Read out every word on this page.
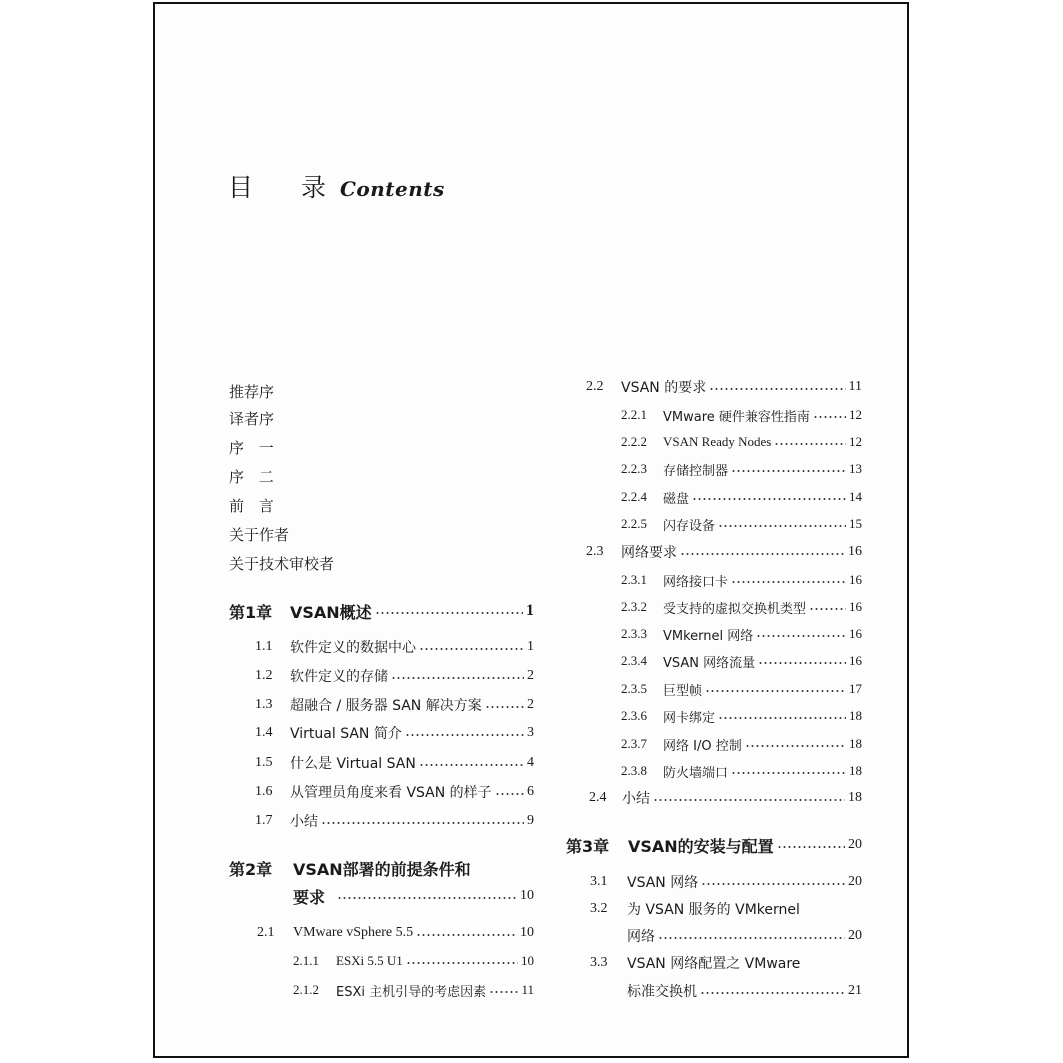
目 录
Contents
推荐序
译者序
序 一
序 二
前 言
关于作者
关于技术审校者
第1章	VSAN概述	1
1.1	软件定义的数据中心	1
1.2	软件定义的存储	2
1.3	超融合 / 服务器 SAN 解决方案	2
1.4	Virtual SAN 简介	3
1.5	什么是 Virtual SAN	4
1.6	从管理员角度来看 VSAN 的样子	6
1.7	小结	9
第2章	VSAN部署的前提条件和
要求	10
2.1	VMware vSphere 5.5	10
2.1.1	ESXi 5.5 U1	10
2.1.2	ESXi 主机引导的考虑因素	11
2.2	VSAN 的要求	11
2.2.1	VMware 硬件兼容性指南	12
2.2.2	VSAN Ready Nodes	12
2.2.3	存储控制器	13
2.2.4	磁盘	14
2.2.5	闪存设备	15
2.3	网络要求	16
2.3.1	网络接口卡	16
2.3.2	受支持的虚拟交换机类型	16
2.3.3	VMkernel 网络	16
2.3.4	VSAN 网络流量	16
2.3.5	巨型帧	17
2.3.6	网卡绑定	18
2.3.7	网络 I/O 控制	18
2.3.8	防火墙端口	18
2.4	小结	18
第3章	VSAN的安装与配置	20
3.1	VSAN 网络	20
3.2	为 VSAN 服务的 VMkernel
网络	20
3.3	VSAN 网络配置之 VMware
标准交换机	21
